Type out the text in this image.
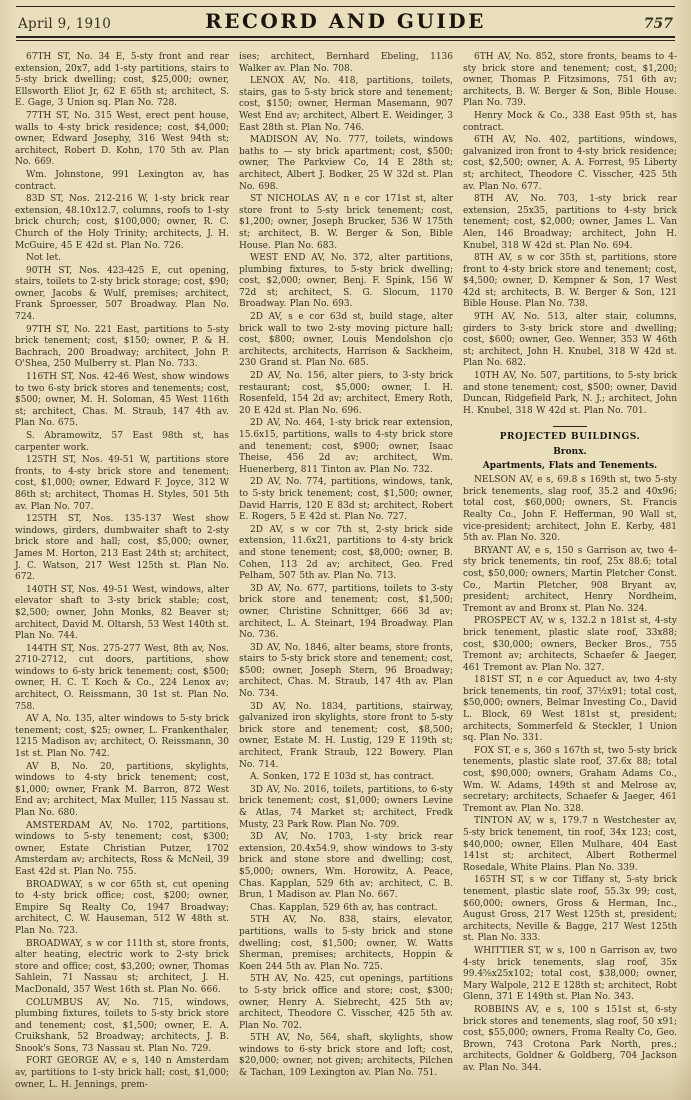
April 9, 1910	RECORD AND GUIDE	757

67TH ST, No. 34 E, 5-sty front and rear extension, 20x7, add 1-sty partitions, stairs to 5-sty brick dwelling; cost, $25,000; owner, Ellsworth Eliot Jr, 62 E 65th st; architect, S. E. Gage, 3 Union sq. Plan No. 728.

77TH ST, No. 315 West, erect pent house, walls to 4-sty brick residence; cost, $4,000; owner, Edward Josephy, 316 West 94th st; architect, Robert D. Kohn, 170 5th av. Plan No. 669.

Wm. Johnstone, 991 Lexington av, has contract.

83D ST, Nos. 212-216 W, 1-sty brick rear extension, 48.10x12.7, columns, roofs to 1-sty brick church; cost, $100,000; owner, R. C. Church of the Holy Trinity; architects, J. H. McGuire, 45 E 42d st. Plan No. 726.

Not let.

90TH ST, Nos. 423-425 E, cut opening, stairs, toilets to 2-sty brick storage; cost, $90; owner, Jacobs & Wulf, premises; architect, Frank Sproesser, 507 Broadway. Plan No. 724.

97TH ST, No. 221 East, partitions to 5-sty brick tenement; cost, $150; owner, P. & H. Bachrach, 200 Broadway; architect, John P. O'Shea, 250 Mulberry st. Plan No. 733.

116TH ST, Nos. 42-46 West, show windows to two 6-sty brick stores and tenements; cost, $500; owner, M. H. Soloman, 45 West 116th st; architect, Chas. M. Straub, 147 4th av. Plan No. 675.

S. Abramowitz, 57 East 98th st, has carpenter work.

125TH ST, Nos. 49-51 W, partitions store fronts, to 4-sty brick store and tenement; cost, $1,000; owner, Edward F. Joyce, 312 W 86th st; architect, Thomas H. Styles, 501 5th av. Plan No. 707.

125TH ST, Nos. 135-137 West show windows, girders, dumbwaiter shaft to 2-sty brick store and hall; cost, $5,000; owner, James M. Horton, 213 East 24th st; architect, J. C. Watson, 217 West 125th st. Plan No. 672.

140TH ST, Nos. 49-51 West, windows, alter elevator shaft to 3-sty brick stable; cost, $2,500; owner, John Monks, 82 Beaver st; architect, David M. Oltarsh, 53 West 140th st. Plan No. 744.

144TH ST, Nos. 275-277 West, 8th av, Nos. 2710-2712, cut doors, partitions, show windows to 6-sty brick tenement; cost, $500; owner, H. C. T. Koch & Co., 224 Lenox av; architect, O. Reissmann, 30 1st st. Plan No. 758.

AV A, No. 135, alter windows to 5-sty brick tenement; cost, $25; owner, L. Frankenthaler, 1215 Madison av; architect, O. Reissmann, 30 1st st. Plan No. 742.

AV B, No. 20, partitions, skylights, windows to 4-sty brick tenement; cost, $1,000; owner, Frank M. Barron, 872 West End av; architect, Max Muller, 115 Nassau st. Plan No. 680.

AMSTERDAM AV, No. 1702, partitions, windows to 5-sty tenement; cost, $300; owner, Estate Christian Putzer, 1702 Amsterdam av; architects, Ross & McNeil, 39 East 42d st. Plan No. 755.

BROADWAY, s w cor 65th st, cut opening to 4-sty brick office; cost, $200; owner, Empire Sq Realty Co, 1947 Broadway; architect, C. W. Hauseman, 512 W 48th st. Plan No. 723.

BROADWAY, s w cor 111th st, store fronts, alter heating, electric work to 2-sty brick store and office; cost, $3,200; owner, Thomas Sahlein, 71 Nassau st; architect, J. H. MacDonald, 357 West 16th st. Plan No. 666.

COLUMBUS AV, No. 715, windows, plumbing fixtures, toilets to 5-sty brick store and tenement; cost, $1,500; owner, E. A. Cruikshank, 52 Broadway; architects, J. B. Snook's Sons, 73 Nassau st. Plan No. 729.

FORT GEORGE AV, e s, 140 n Amsterdam av, partitions to 1-sty brick hall; cost, $1,000; owner, L. H. Jennings, prem-

ises; architect, Bernhard Ebeling, 1136 Walker av. Plan No. 708.

LENOX AV, No. 418, partitions, toilets, stairs, gas to 5-sty brick store and tenement; cost, $150; owner, Herman Masemann, 907 West End av; architect, Albert E. Weidinger, 3 East 28th st. Plan No. 746.

MADISON AV, No. 777, toilets, windows baths to — sty brick apartment; cost, $500; owner, The Parkview Co, 14 E 28th st; architect, Albert J. Bodker, 25 W 32d st. Plan No. 698.

ST NICHOLAS AV, n e cor 171st st, alter store front to 5-sty brick tenement; cost, $1,200; owner, Joseph Brucker, 536 W 175th st; architect, B. W. Berger & Son, Bible House. Plan No. 683.

WEST END AV, No. 372, alter partitions, plumbing fixtures, to 5-sty brick dwelling; cost, $2,000; owner, Benj. F. Spink, 156 W 72d st; architect, S. G. Slocum, 1170 Broadway. Plan No. 693.

2D AV, s e cor 63d st, build stage, alter brick wall to two 2-sty moving picture hall; cost, $800; owner, Louis Mendolshon c|o architects, architects, Harrison & Sackheim, 230 Grand st. Plan No. 685.

2D AV, No. 156, alter piers, to 3-sty brick restaurant; cost, $5,000; owner, I. H. Rosenfeld, 154 2d av; architect, Emery Roth, 20 E 42d st. Plan No. 696.

2D AV, No. 464, 1-sty brick rear extension, 15.6x15, partitions, walls to 4-sty brick store and tenement; cost, $900; owner, Isaac Theise, 456 2d av; architect, Wm. Huenerberg, 811 Tinton av. Plan No. 732.

2D AV, No. 774, partitions, windows, tank, to 5-sty brick tenement; cost, $1,500; owner, David Harris, 120 E 83d st; architect, Robert E. Rogers, 5 E 42d st. Plan No. 727.

2D AV, s w cor 7th st, 2-sty brick side extension, 11.6x21, partitions to 4-sty brick and stone tenement; cost, $8,000; owner, B. Cohen, 113 2d av; architect, Geo. Fred Pelham, 507 5th av. Plan No. 713.

3D AV, No. 677, partitions, toilets to 3-sty brick store and tenement; cost, $1,500; owner, Christine Schnittger, 666 3d av; architect, L. A. Steinart, 194 Broadway. Plan No. 736.

3D AV, No. 1846, alter beams, store fronts, stairs to 5-sty brick store and tenement; cost, $500; owner, Joseph Stern, 96 Broadway; architect, Chas. M. Straub, 147 4th av. Plan No. 734.

3D AV, No. 1834, partitions, stairway, galvanized iron skylights, store front to 5-sty brick store and tenement; cost, $8,500; owner, Estate M. H. Lustig, 129 E 119th st; architect, Frank Straub, 122 Bowery. Plan No. 714.

A. Sonken, 172 E 103d st, has contract.

3D AV, No. 2016, toilets, partitions, to 6-sty brick tenement; cost, $1,000; owners Levine & Atlas, 74 Market st; architect, Fredk Musty, 23 Park Row. Plan No. 709.

3D AV, No. 1703, 1-sty brick rear extension, 20.4x54.9, show windows to 3-sty brick and stone store and dwelling; cost, $5,000; owners, Wm. Horowitz, A. Peace, Chas. Kapplan, 529 6th av; architect, C. B. Brun, 1 Madison av. Plan No. 667.

Chas. Kapplan, 529 6th av, has contract.

5TH AV, No. 838, stairs, elevator, partitions, walls to 5-sty brick and stone dwelling; cost, $1,500; owner, W. Watts Sherman, premises; architects, Hoppin & Koen 244 5th av. Plan No. 725.

5TH AV, No. 425, cut openings, partitions to 5-sty brick office and store; cost, $300; owner, Henry A. Siebrecht, 425 5th av; architect, Theodore C. Visscher, 425 5th av. Plan No. 702.

5TH AV, No, 564, shaft, skylights, show windows to 6-sty brick store and loft; cost, $20,000; owner, not given; architects, Pilchen & Tachan, 109 Lexington av. Plan No. 751.

6TH AV, No. 852, store fronts, beams to 4-sty brick store and tenement; cost, $1,200; owner, Thomas P. Fitzsimons, 751 6th av; architects, B. W. Berger & Son, Bible House. Plan No. 739.

Henry Mock & Co., 338 East 95th st, has contract.

6TH AV, No. 402, partitions, windows, galvanized iron front to 4-sty brick residence; cost, $2,500; owner, A. A. Forrest, 95 Liberty st; architect, Theodore C. Visscher, 425 5th av. Plan No. 677.

8TH AV, No. 703, 1-sty brick rear extension, 25x35, partitions to 4-sty brick tenement; cost, $2,000; owner, James L. Van Alen, 146 Broadway; architect, John H. Knubel, 318 W 42d st. Plan No. 694.

8TH AV, s w cor 35th st, partitions, store front to 4-sty brick store and tenement; cost, $4,500; owner, D. Kempner & Son, 17 West 42d st; architects, B. W. Berger & Son, 121 Bible House. Plan No. 738.

9TH AV, No. 513, alter stair, columns, girders to 3-sty brick store and dwelling; cost, $600; owner, Geo. Wenner, 353 W 46th st; architect, John H. Knubel, 318 W 42d st. Plan No. 682.

10TH AV, No. 507, partitions, to 5-sty brick and stone tenement; cost, $500; owner, David Duncan, Ridgefield Park, N. J.; architect, John H. Knubel, 318 W 42d st. Plan No. 701.

PROJECTED BUILDINGS.

Bronx.

Apartments, Flats and Tenements.

NELSON AV, e s, 69.8 s 169th st, two 5-sty brick tenements, slag roof, 35.2 and 40x96; total cost, $60,000; owners, St. Francis Realty Co., John F. Hefferman, 90 Wall st, vice-president; architect, John E. Kerby, 481 5th av. Plan No. 320.

BRYANT AV, e s, 150 s Garrison av, two 4-sty brick tenements, tin roof, 25x 88.6; total cost, $50,000; owners, Martin Pletcher Const. Co., Martin Pletcher, 908 Bryant av, president; architect, Henry Nordheim, Tremont av and Bronx st. Plan No. 324.

PROSPECT AV, w s, 132.2 n 181st st, 4-sty brick tenement, plastic slate roof, 33x88; cost, $30,000; owners, Becker Bros., 755 Tremont av; architects, Schaefer & Jaeger, 461 Tremont av. Plan No. 327.

181ST ST, n e cor Aqueduct av, two 4-sty brick tenements, tin roof, 37½x91; total cost, $50,000; owners, Belmar Investing Co., David L. Block, 69 West 181st st, president; architects, Sommerfeld & Steckler, 1 Union sq. Plan No. 331.

FOX ST, e s, 360 s 167th st, two 5-sty brick tenements, plastic slate roof, 37.6x 88; total cost, $90,000; owners, Graham Adams Co., Wm. W. Adams, 149th st and Melrose av, secretary; architects, Schaefer & Jaeger, 461 Tremont av. Plan No. 328.

TINTON AV, w s, 179.7 n Westchester av, 5-sty brick tenement, tin roof, 34x 123; cost, $40,000; owner, Ellen Mulhare, 404 East 141st st; architect, Albert Rothermel Rosedale, White Plains. Plan No. 339.

165TH ST, s w cor Tiffany st, 5-sty brick tenement, plastic slate roof, 55.3x 99; cost, $60,000; owners, Gross & Herman, Inc., August Gross, 217 West 125th st, president; architects, Neville & Bagge, 217 West 125th st. Plan No. 333.

WHITTIER ST, w s, 100 n Garrison av, two 4-sty brick tenements, slag roof, 35x 99.4⅝x25x102; total cost, $38,000; owner, Mary Walpole, 212 E 128th st; architect, Robt Glenn, 371 E 149th st. Plan No. 343.

ROBBINS AV, e s, 100 s 151st st, 6-sty brick stores and tenements, slag roof, 50 x91; cost, $55,000; owners, Froma Realty Co, Geo. Brown, 743 Crotona Park North, pres.; architects, Goldner & Goldberg, 704 Jackson av. Plan No. 344.
